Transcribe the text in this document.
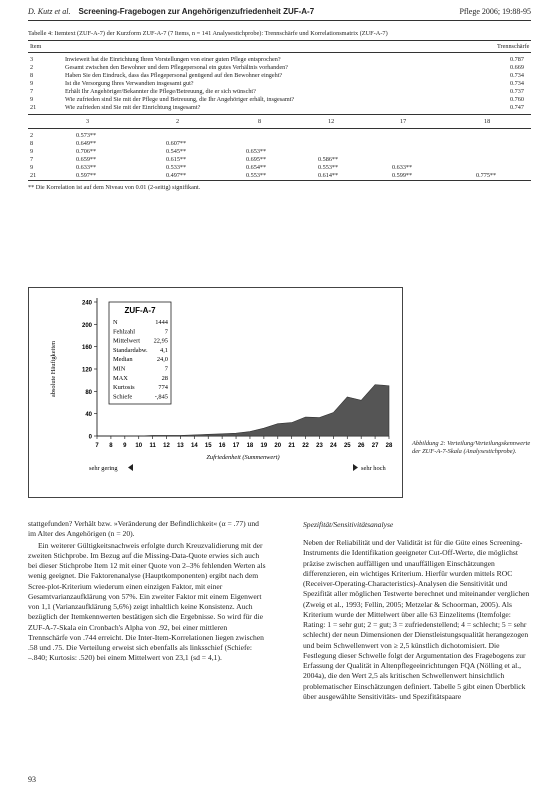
D. Kutz et al. Screening-Fragebogen zur Angehörigenzufriedenheit ZUF-A-7	Pflege 2006; 19:88-95
Tabelle 4: Itemtext (ZUF-A-7) der Kurzform ZUF-A-7 (7 Items, n = 141 Analysestichprobe): Trennschärfe und Korrelationsmatrix (ZUF-A-7)
Item	Trennschärfe
3	Inwieweit hat die Einrichtung Ihren Vorstellungen von einer guten Pflege entsprochen?	0.787
2	Gesamt zwischen den Bewohner und dem Pflegepersonal ein gutes Verhältnis vorhanden?	0.669
8	Haben Sie den Eindruck, dass das Pflegepersonal genügend auf den Bewohner eingeht?	0.734
9	Ist die Versorgung Ihres Verwandten insgesamt gut?	0.734
7	Erhält Ihr Angehöriger/Bekannter die Pflege/Betreuung, die er sich wünscht?	0.737
9	Wie zufrieden sind Sie mit der Pflege und Betreuung, die Ihr Angehöriger erhält, insgesamt?	0.760
21	Wie zufrieden sind Sie mit der Einrichtung insgesamt?	0.747
3	2	8	12	17	18
2	0.573**
8	0.649**	0.607**
9	0.706**	0.545**	0.653**
7	0.659**	0.615**	0.695**	0.586**
9	0.633**	0.533**	0.654**	0.553**	0.633**
21	0.597**	0.497**	0.553**	0.614**	0.599**	0.775**
** Die Korrelation ist auf dem Niveau von 0.01 (2-seitig) signifikant.
0
40
80
120
160
200
240
7 8 9 10 11 12 13 14 15 16 17 18 19 20 21 22 23 24 25 26 27 28
absolute Häufigkeiten
Zufriedenheit (Summenwert)
sehr gering	sehr hoch
ZUF-A-7
N	1444
Fehlzahl	7
Mittelwert 22,95
Standardabw. 4,1
Median	24,0
MIN	7
MAX	28
Kurtosis	774
Schiefe	-,845
Abbildung 2: Verteilung/Verteilungskennwerte der ZUF-A-7-Skala (Analysestichprobe).

stattgefunden? Verhält bzw. »Veränderung der Befindlichkeit« (α = .77) und im Alter des Angehörigen (n = 20).

Ein weiterer Gültigkeitsnachweis erfolgte durch Kreuzvalidierung mit der zweiten Stichprobe. Im Bezug auf die Missing-Data-Quote erwies sich auch bei dieser Stichprobe Item 12 mit einer Quote von 2–3% fehlenden Werten als wenig geeignet. Die Faktorenanalyse (Hauptkomponenten) ergibt nach dem Scree-plot-Kriterium wiederum einen einzigen Faktor, mit einer Gesamtvarianzaufklärung von 57%. Ein zweiter Faktor mit einem Eigenwert von 1,1 (Varianzaufklärung 5,6%) zeigt inhaltlich keine Konsistenz. Auch bezüglich der Itemkennwerten bestätigen sich die Ergebnisse. So wird für die ZUF-A-7-Skala ein Cronbach's Alpha von .92, bei einer mittleren Trennschärfe von .744 erreicht. Die Inter-Item-Korrelationen liegen zwischen .58 und .75. Die Verteilung erweist sich ebenfalls als linksschief (Schiefe: –.840; Kurtosis: .520) bei einem Mittelwert von 23,1 (sd = 4,1).

Spezifität/Sensitivitätsanalyse

Neben der Reliabilität und der Validität ist für die Güte eines Screening-Instruments die Identifikation geeigneter Cut-Off-Werte, die möglichst präzise zwischen auffälligen und unauffälligen Einschätzungen differenzieren, ein wichtiges Kriterium. Hierfür wurden mittels ROC (Receiver-Operating-Characteristics)-Analysen die Sensitivität und Spezifität aller möglichen Testwerte berechnet und miteinander verglichen (Zweig et al., 1993; Fellin, 2005; Metzelar & Schoorman, 2005). Als Kriterium wurde der Mittelwert über alle 63 Einzelitems (Itemfolge: Rating: 1 = sehr gut; 2 = gut; 3 = zufriedenstellend; 4 = schlecht; 5 = sehr schlecht) der neun Dimensionen der Dienstleistungsqualität herangezogen und beim Schwellenwert von ≥ 2,5 künstlich dichotomisiert. Die Festlegung dieser Schwelle folgt der Argumentation des Fragebogens zur Erfassung der Qualität in Altenpflegeeinrichtungen FQA (Nölling et al., 2004a), die den Wert 2,5 als kritischen Schwellenwert hinsichtlich problematischer Einschätzungen definiert. Tabelle 5 gibt einen Überblick über ausgewählte Sensitivitäts- und Spezifitätspaare

93
